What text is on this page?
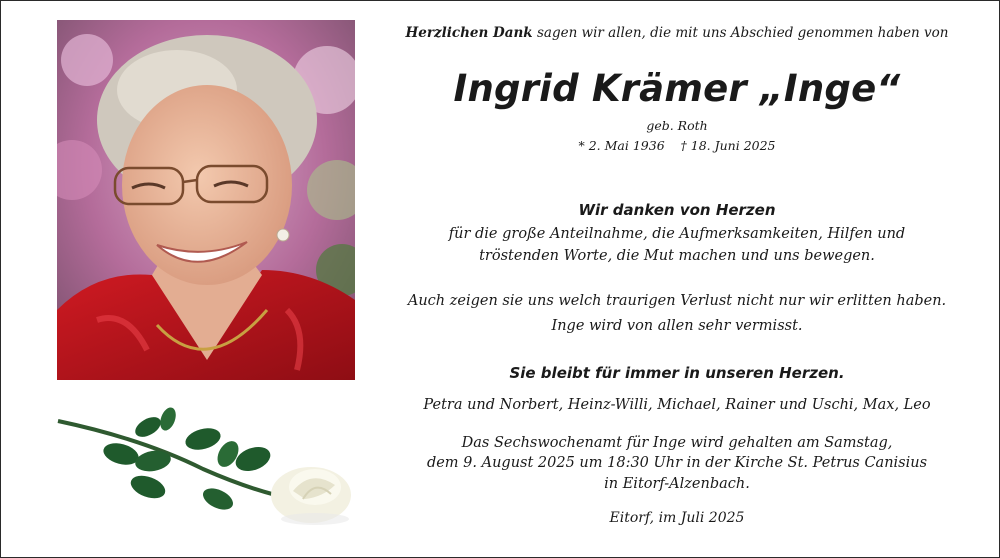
Herzlichen Dank sagen wir allen, die mit uns Abschied genommen haben von
Ingrid Krämer „Inge“
geb. Roth
* 2. Mai 1936    † 18. Juni 2025
Wir danken von Herzen
für die große Anteilnahme, die Aufmerksamkeiten, Hilfen und
tröstenden Worte, die Mut machen und uns bewegen.
Auch zeigen sie uns welch traurigen Verlust nicht nur wir erlitten haben.
Inge wird von allen sehr vermisst.
Sie bleibt für immer in unseren Herzen.
Petra und Norbert, Heinz-Willi, Michael, Rainer und Uschi, Max, Leo
Das Sechswochenamt für Inge wird gehalten am Samstag,
dem 9. August 2025 um 18:30 Uhr in der Kirche St. Petrus Canisius
in Eitorf-Alzenbach.
Eitorf, im Juli 2025
